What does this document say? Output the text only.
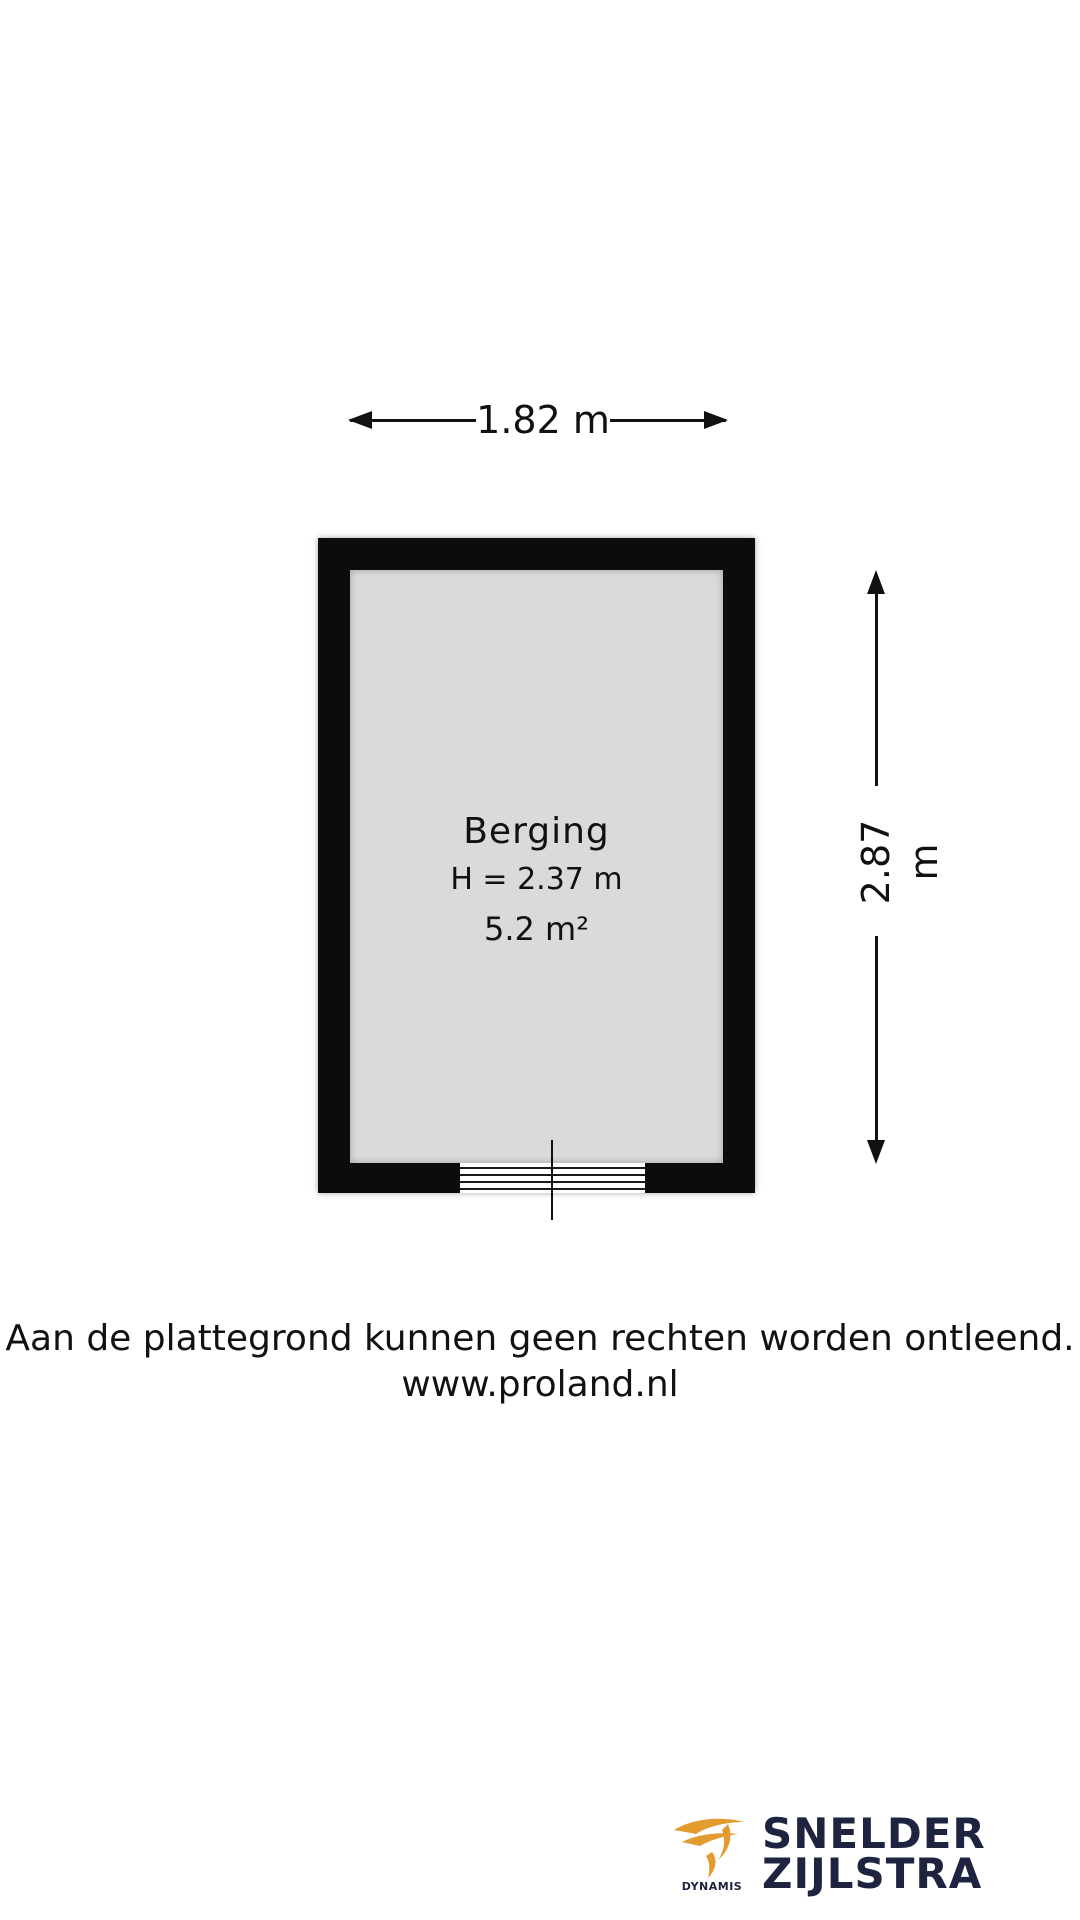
1.82 m
2.87 m
Berging
H = 2.37 m
5.2 m²
Aan de plattegrond kunnen geen rechten worden ontleend.
www.proland.nl
DYNAMIS
SNELDER
ZIJLSTRA
